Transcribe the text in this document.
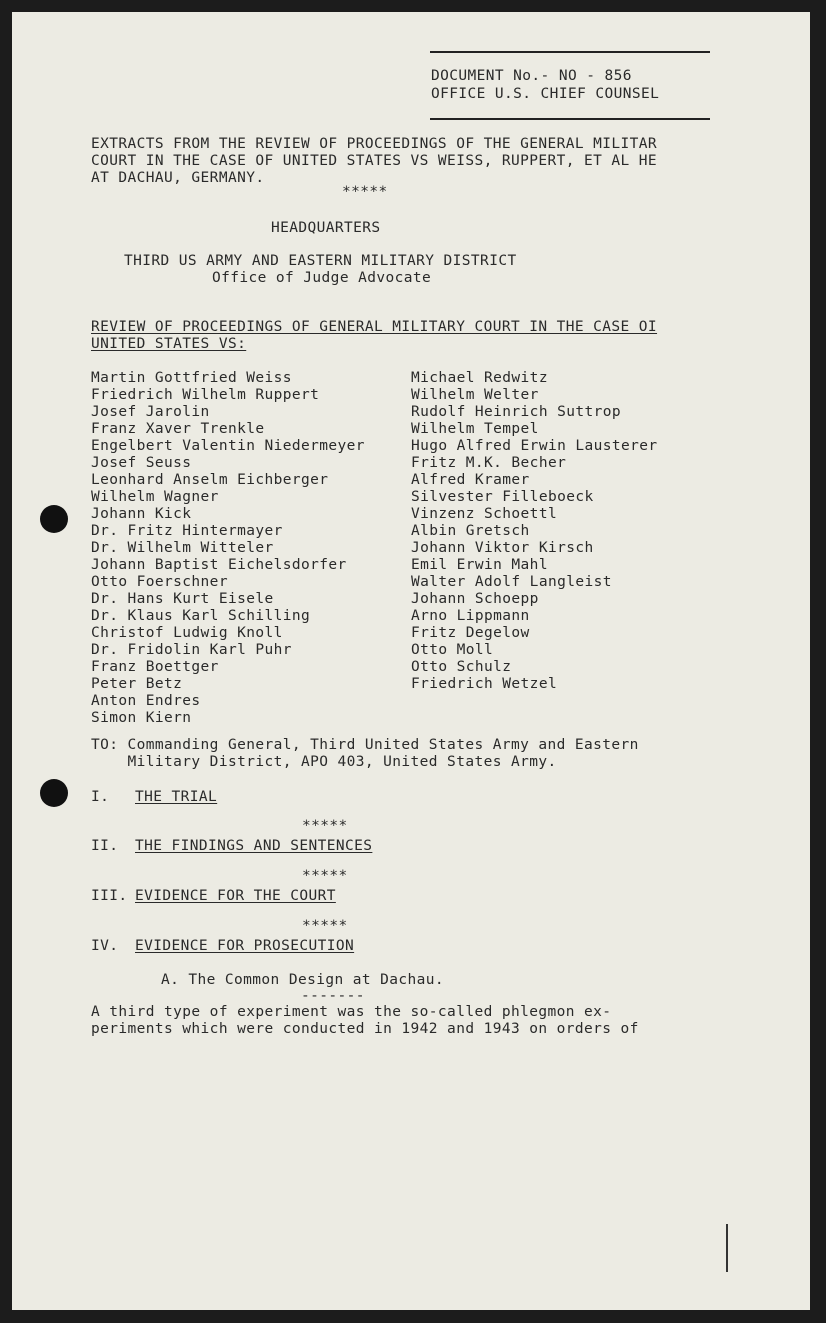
DOCUMENT No.- NO - 856
OFFICE U.S. CHIEF COUNSEL
EXTRACTS FROM THE REVIEW OF PROCEEDINGS OF THE GENERAL MILITAR
COURT IN THE CASE OF UNITED STATES VS WEISS, RUPPERT, ET AL HE
AT DACHAU, GERMANY.
*****
HEADQUARTERS
THIRD US ARMY AND EASTERN MILITARY DISTRICT
Office of Judge Advocate
REVIEW OF PROCEEDINGS OF GENERAL MILITARY COURT IN THE CASE OI
UNITED STATES VS:
Martin Gottfried Weiss
Friedrich Wilhelm Ruppert
Josef Jarolin
Franz Xaver Trenkle
Engelbert Valentin Niedermeyer
Josef Seuss
Leonhard Anselm Eichberger
Wilhelm Wagner
Johann Kick
Dr. Fritz Hintermayer
Dr. Wilhelm Witteler
Johann Baptist Eichelsdorfer
Otto Foerschner
Dr. Hans Kurt Eisele
Dr. Klaus Karl Schilling
Christof Ludwig Knoll
Dr. Fridolin Karl Puhr
Franz Boettger
Peter Betz
Anton Endres
Simon Kiern
Michael Redwitz
Wilhelm Welter
Rudolf Heinrich Suttrop
Wilhelm Tempel
Hugo Alfred Erwin Lausterer
Fritz M.K. Becher
Alfred Kramer
Silvester Filleboeck
Vinzenz Schoettl
Albin Gretsch
Johann Viktor Kirsch
Emil Erwin Mahl
Walter Adolf Langleist
Johann Schoepp
Arno Lippmann
Fritz Degelow
Otto Moll
Otto Schulz
Friedrich Wetzel
TO: Commanding General, Third United States Army and Eastern
Military District, APO 403, United States Army.
I. THE TRIAL
*****
II. THE FINDINGS AND SENTENCES
*****
III. EVIDENCE FOR THE COURT
*****
IV. EVIDENCE FOR PROSECUTION
A. The Common Design at Dachau.
-------
A third type of experiment was the so-called phlegmon ex-
periments which were conducted in 1942 and 1943 on orders of
